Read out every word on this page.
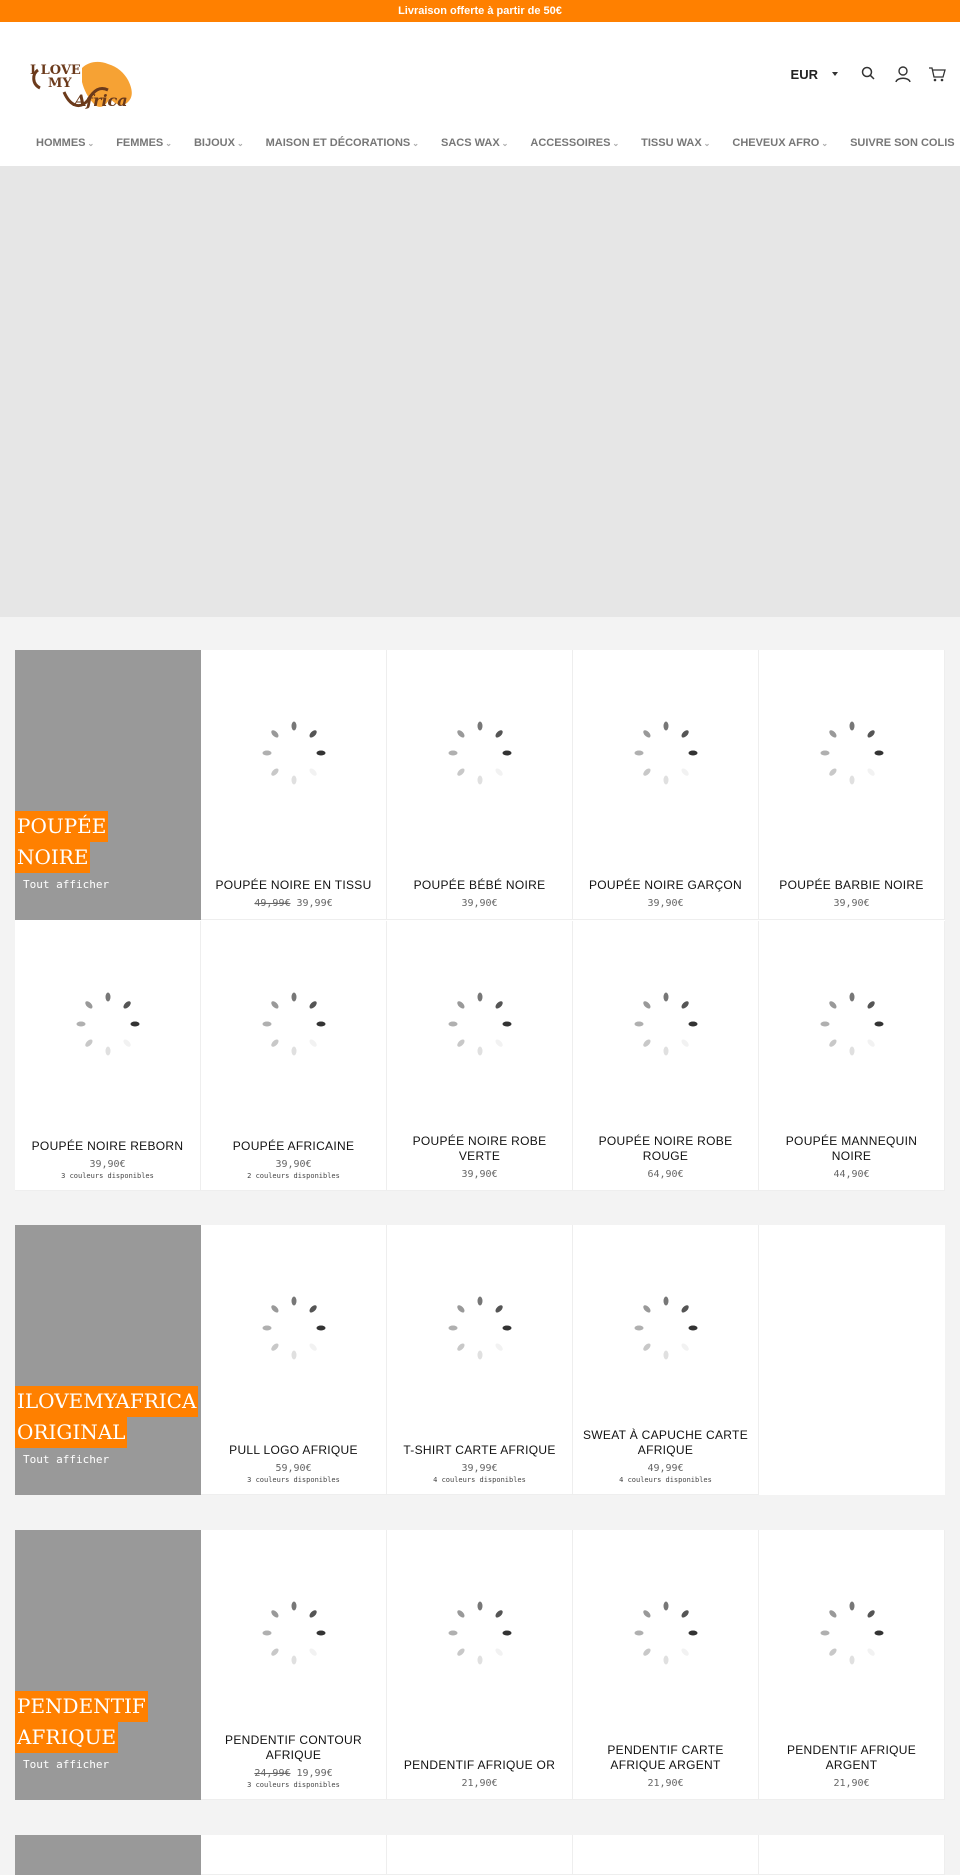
Livraison offerte à partir de 50€
I LOVE
MY
Africa
EUR
HOMMES ⌄ FEMMES ⌄ BIJOUX ⌄ MAISON ET DÉCORATIONS ⌄ SACS WAX ⌄ ACCESSOIRES ⌄ TISSU WAX ⌄ CHEVEUX AFRO ⌄ SUIVRE SON COLIS
POUPÉE
NOIRE
Tout afficher	POUPÉE NOIRE EN TISSU
49,99€ 39,99€
POUPÉE BÉBÉ NOIRE
39,90€
POUPÉE NOIRE GARÇON
39,90€
POUPÉE BARBIE NOIRE
39,90€
POUPÉE NOIRE REBORN
39,90€
3 couleurs disponibles
POUPÉE AFRICAINE
39,90€
2 couleurs disponibles
POUPÉE NOIRE ROBE VERTE
39,90€
POUPÉE NOIRE ROBE ROUGE
64,90€
POUPÉE MANNEQUIN NOIRE
44,90€
ILOVEMYAFRICA
ORIGINAL
Tout afficher
PULL LOGO AFRIQUE
59,90€
3 couleurs disponibles
T-SHIRT CARTE AFRIQUE
39,99€
4 couleurs disponibles
SWEAT À CAPUCHE CARTE AFRIQUE
49,99€
4 couleurs disponibles
PENDENTIF
AFRIQUE
Tout afficher
PENDENTIF CONTOUR AFRIQUE
24,99€ 19,99€
3 couleurs disponibles
PENDENTIF AFRIQUE OR
21,90€
PENDENTIF CARTE AFRIQUE ARGENT
21,90€
PENDENTIF AFRIQUE ARGENT
21,90€
